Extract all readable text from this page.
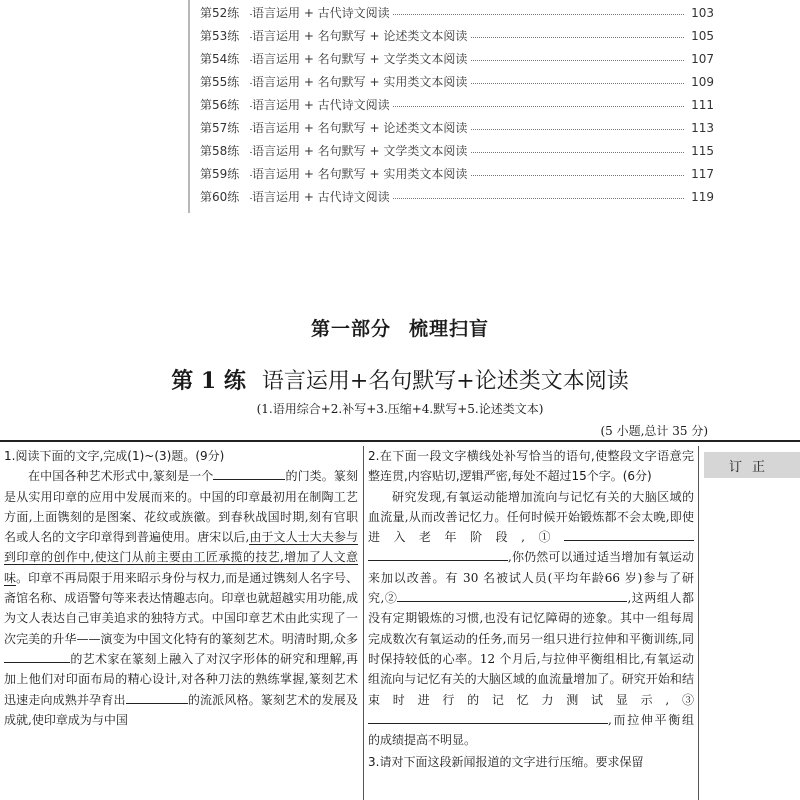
第52练 语言运用 + 古代诗文阅读	103
第53练 语言运用 + 名句默写 + 论述类文本阅读	105
第54练 语言运用 + 名句默写 + 文学类文本阅读	107
第55练 语言运用 + 名句默写 + 实用类文本阅读	109
第56练 语言运用 + 古代诗文阅读	111
第57练 语言运用 + 名句默写 + 论述类文本阅读	113
第58练 语言运用 + 名句默写 + 文学类文本阅读	115
第59练 语言运用 + 名句默写 + 实用类文本阅读	117
第60练 语言运用 + 古代诗文阅读	119
第一部分 梳理扫盲
第 1 练 语言运用+名句默写+论述类文本阅读
(1.语用综合+2.补写+3.压缩+4.默写+5.论述类文本)
(5 小题,总计 35 分)
1.阅读下面的文字,完成(1)~(3)题。(9分)
在中国各种艺术形式中,篆刻是一个	的门类。篆刻是从实用印章的应用中发展而来的。中国的印章最初用在制陶工艺方面,上面镌刻的是图案、花纹或族徽。到春秋战国时期,刻有官职名或人名的文字印章得到普遍使用。唐宋以后,由于文人士大夫参与到印章的创作中,使这门从前主要由工匠承揽的技艺,增加了人文意味。印章不再局限于用来昭示身份与权力,而是通过镌刻人名字号、斋馆名称、成语警句等来表达情趣志向。印章也就超越实用功能,成为文人表达自己审美追求的独特方式。中国印章艺术由此实现了一次完美的升华——演变为中国文化特有的篆刻艺术。明清时期,众多的艺术家在篆刻上融入了对汉字形体的研究和理解,再加上他们对印面布局的精心设计,对各种刀法的熟练掌握,篆刻艺术迅速走向成熟并孕育出	的流派风格。篆刻艺术的发展及成就,使印章成为与中国
2.在下面一段文字横线处补写恰当的语句,使整段文字语意完整连贯,内容贴切,逻辑严密,每处不超过15个字。(6分)
研究发现,有氧运动能增加流向与记忆有关的大脑区域的血流量,从而改善记忆力。任何时候开始锻炼都不会太晚,即使进入老年阶段,①,你仍然可以通过适当增加有氧运动来加以改善。有 30 名被试人员(平均年龄66 岁)参与了研究,②	,这两组人都没有定期锻炼的习惯,也没有记忆障碍的迹象。其中一组每周完成数次有氧运动的任务,而另一组只进行拉伸和平衡训练,同时保持较低的心率。12 个月后,与拉伸平衡组相比,有氧运动组流向与记忆有关的大脑区域的血流量增加了。研究开始和结束时进行的记忆力测试显示,③,而拉伸平衡组的成绩提高不明显。
3.请对下面这段新闻报道的文字进行压缩。要求保留
订正
